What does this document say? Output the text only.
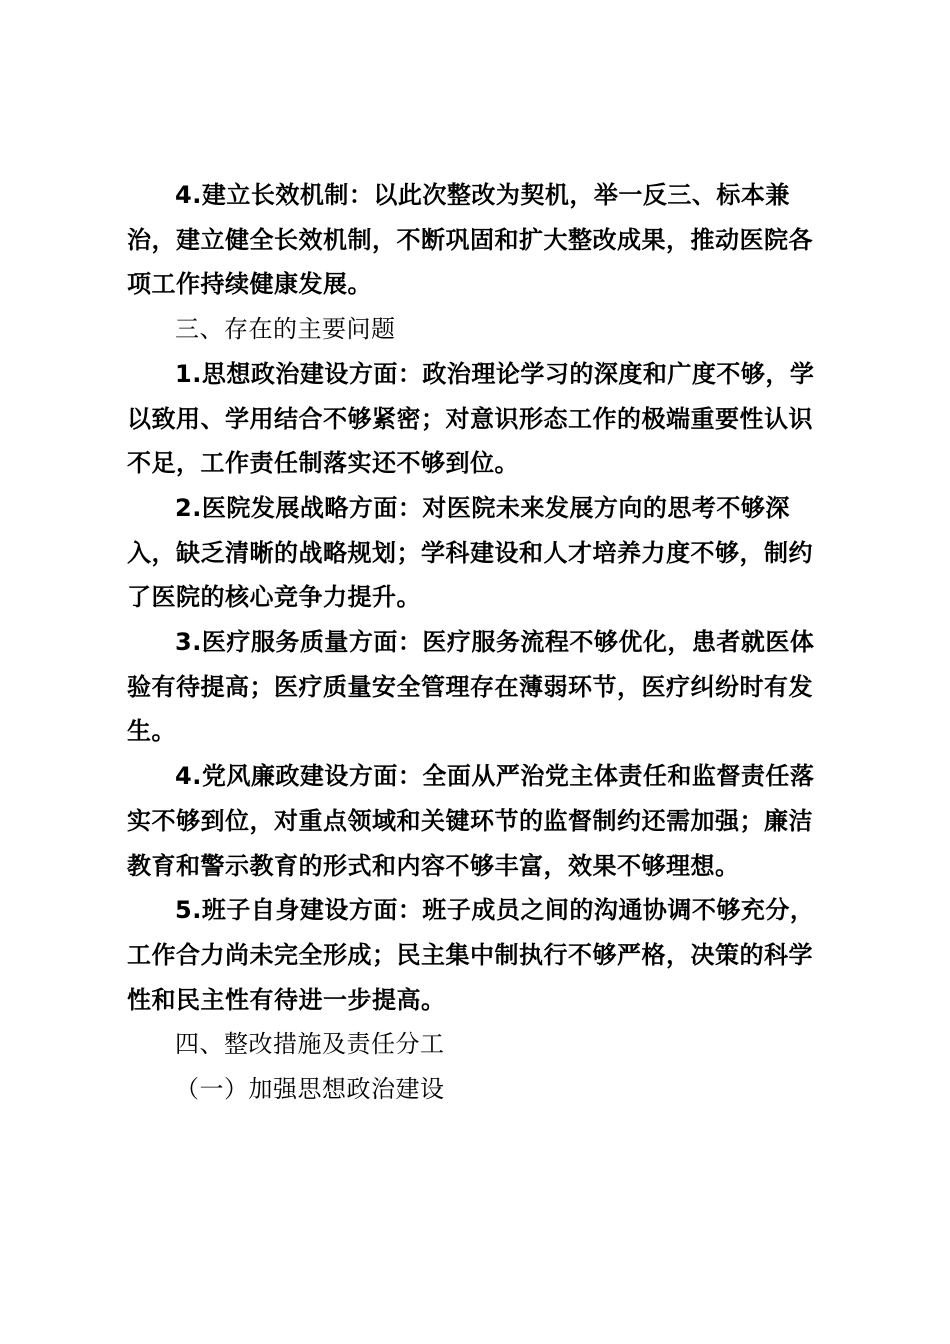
4.建立长效机制：以此次整改为契机，举一反三、标本兼治，建立健全长效机制，不断巩固和扩大整改成果，推动医院各项工作持续健康发展。

三、存在的主要问题

1.思想政治建设方面：政治理论学习的深度和广度不够，学以致用、学用结合不够紧密；对意识形态工作的极端重要性认识不足，工作责任制落实还不够到位。

2.医院发展战略方面：对医院未来发展方向的思考不够深入，缺乏清晰的战略规划；学科建设和人才培养力度不够，制约了医院的核心竞争力提升。

3.医疗服务质量方面：医疗服务流程不够优化，患者就医体验有待提高；医疗质量安全管理存在薄弱环节，医疗纠纷时有发生。

4.党风廉政建设方面：全面从严治党主体责任和监督责任落实不够到位，对重点领域和关键环节的监督制约还需加强；廉洁教育和警示教育的形式和内容不够丰富，效果不够理想。

5.班子自身建设方面：班子成员之间的沟通协调不够充分，工作合力尚未完全形成；民主集中制执行不够严格，决策的科学性和民主性有待进一步提高。

四、整改措施及责任分工

（一）加强思想政治建设
